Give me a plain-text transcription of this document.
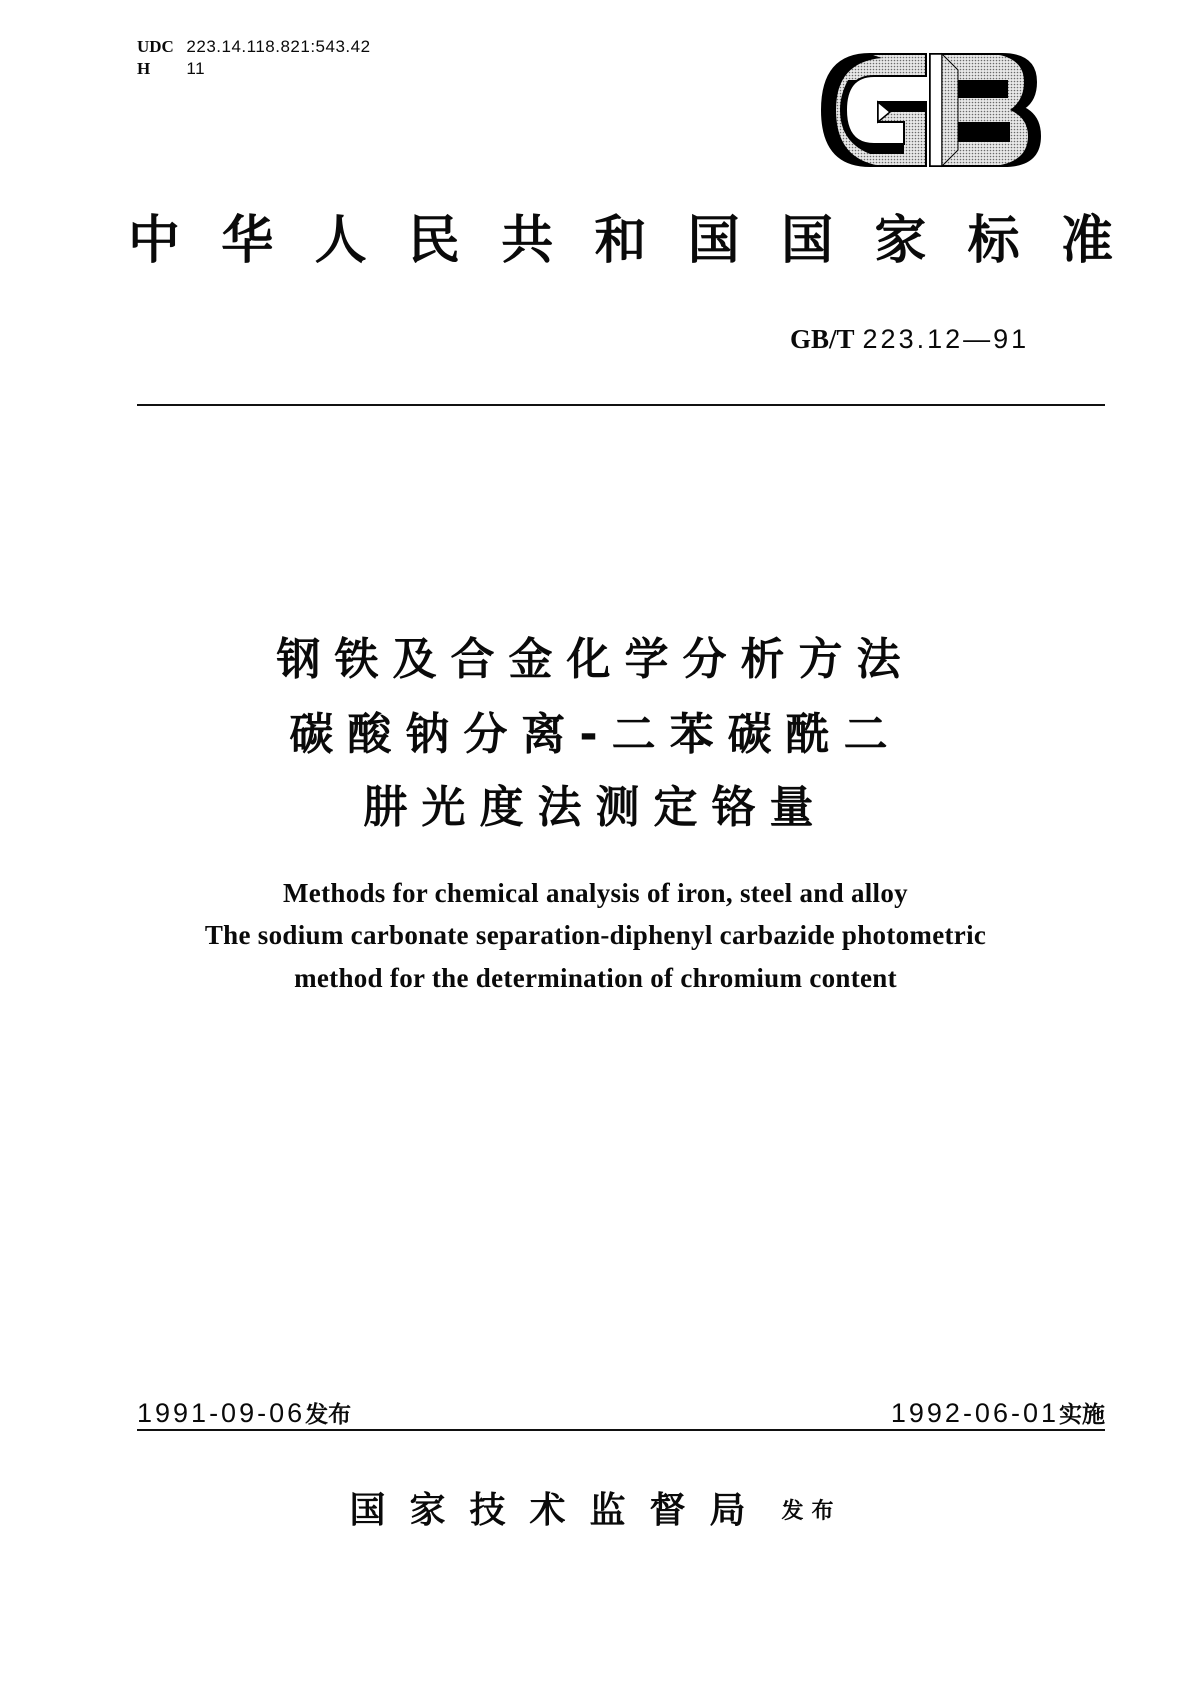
UDC 223.14.118.821:543.42
H 11
中 华 人 民 共 和 国 国 家 标 准
GB/T 223.12—91
钢铁及合金化学分析方法
碳酸钠分离-二苯碳酰二
肼光度法测定铬量
Methods for chemical analysis of iron, steel and alloy
The sodium carbonate separation-diphenyl carbazide photometric
method for the determination of chromium content
1991-09-06发布	1992-06-01实施
国家技术监督局 发布
